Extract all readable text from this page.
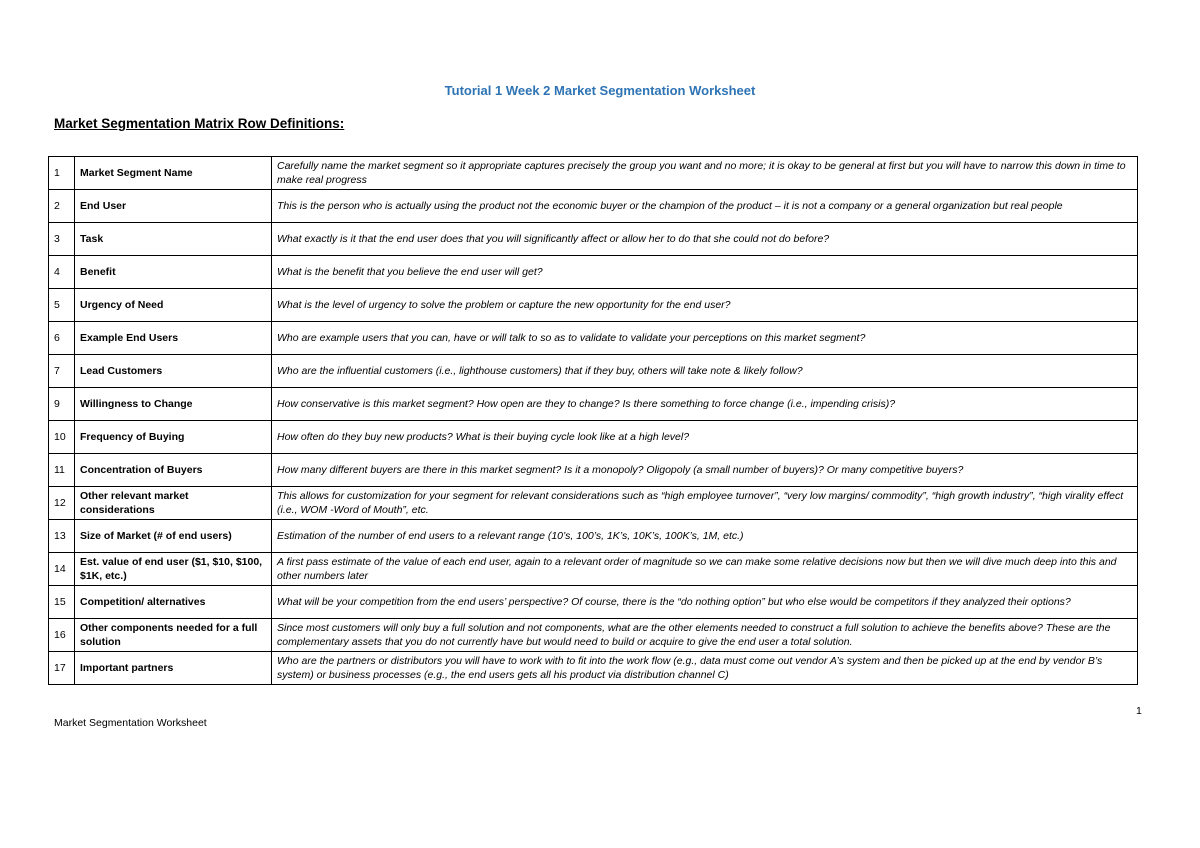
Tutorial 1 Week 2 Market Segmentation Worksheet
Market Segmentation Matrix Row Definitions:
1	Market Segment Name	Carefully name the market segment so it appropriate captures precisely the group you want and no more; it is okay to be general at first but you will have to narrow this down in time to make real progress
2	End User	This is the person who is actually using the product not the economic buyer or the champion of the product – it is not a company or a general organization but real people
3	Task	What exactly is it that the end user does that you will significantly affect or allow her to do that she could not do before?
4	Benefit	What is the benefit that you believe the end user will get?
5	Urgency of Need	What is the level of urgency to solve the problem or capture the new opportunity for the end user?
6	Example End Users	Who are example users that you can, have or will talk to so as to validate to validate your perceptions on this market segment?
7	Lead Customers	Who are the influential customers (i.e., lighthouse customers) that if they buy, others will take note & likely follow?
9	Willingness to Change	How conservative is this market segment? How open are they to change? Is there something to force change (i.e., impending crisis)?
10	Frequency of Buying	How often do they buy new products? What is their buying cycle look like at a high level?
11	Concentration of Buyers	How many different buyers are there in this market segment? Is it a monopoly? Oligopoly (a small number of buyers)? Or many competitive buyers?
12	Other relevant market considerations	This allows for customization for your segment for relevant considerations such as “high employee turnover”, “very low margins/ commodity”, “high growth industry”, “high virality effect (i.e., WOM -Word of Mouth”, etc.
13	Size of Market (# of end users)	Estimation of the number of end users to a relevant range (10’s, 100’s, 1K’s, 10K’s, 100K’s, 1M, etc.)
14	Est. value of end user ($1, $10, $100, $1K, etc.)	A first pass estimate of the value of each end user, again to a relevant order of magnitude so we can make some relative decisions now but then we will dive much deep into this and other numbers later
15	Competition/ alternatives	What will be your competition from the end users’ perspective? Of course, there is the “do nothing option” but who else would be competitors if they analyzed their options?
16	Other components needed for a full solution	Since most customers will only buy a full solution and not components, what are the other elements needed to construct a full solution to achieve the benefits above? These are the complementary assets that you do not currently have but would need to build or acquire to give the end user a total solution.
17	Important partners	Who are the partners or distributors you will have to work with to fit into the work flow (e.g., data must come out vendor A’s system and then be picked up at the end by vendor B’s system) or business processes (e.g., the end users gets all his product via distribution channel C)
1
Market Segmentation Worksheet
